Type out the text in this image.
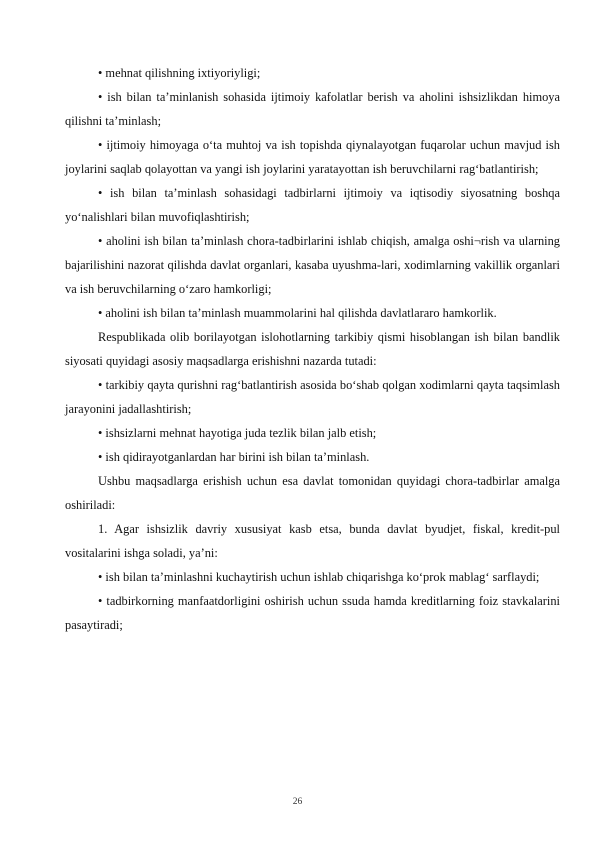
• mehnat qilishning ixtiyoriyligi;

• ish bilan ta’minlanish sohasida ijtimoiy kafolatlar berish va aholini ishsizlikdan himoya qilishni ta’minlash;

• ijtimoiy himoyaga o‘ta muhtoj va ish topishda qiynalayotgan fuqarolar uchun mavjud ish joylarini saqlab qolayottan va yangi ish joylarini yaratayottan ish beruvchilarni rag‘batlantirish;

• ish bilan ta’minlash sohasidagi tadbirlarni ijtimoiy va iqtisodiy siyosatning boshqa yo‘nalishlari bilan muvofiqlashtirish;

• aholini ish bilan ta’minlash chora-tadbirlarini ishlab chiqish, amalga oshi¬rish va ularning bajarilishini nazorat qilishda davlat organlari, kasaba uyushma-lari, xodimlarning vakillik organlari va ish beruvchilarning o‘zaro hamkorligi;

• aholini ish bilan ta’minlash muammolarini hal qilishda davlatlararo hamkorlik.

Respublikada olib borilayotgan islohotlarning tarkibiy qismi hisoblangan ish bilan bandlik siyosati quyidagi asosiy maqsadlarga erishishni nazarda tutadi:

• tarkibiy qayta qurishni rag‘batlantirish asosida bo‘shab qolgan xodimlarni qayta taqsimlash jarayonini jadallashtirish;

• ishsizlarni mehnat hayotiga juda tezlik bilan jalb etish;

• ish qidirayotganlardan har birini ish bilan ta’minlash.

Ushbu maqsadlarga erishish uchun esa davlat tomonidan quyidagi chora-tadbirlar amalga oshiriladi:

1. Agar ishsizlik davriy xususiyat kasb etsa, bunda davlat byudjet, fiskal, kredit-pul vositalarini ishga soladi, ya’ni:

• ish bilan ta’minlashni kuchaytirish uchun ishlab chiqarishga ko‘prok mablag‘ sarflaydi;

• tadbirkorning manfaatdorligini oshirish uchun ssuda hamda kreditlarning foiz stavkalarini pasaytiradi;

26
